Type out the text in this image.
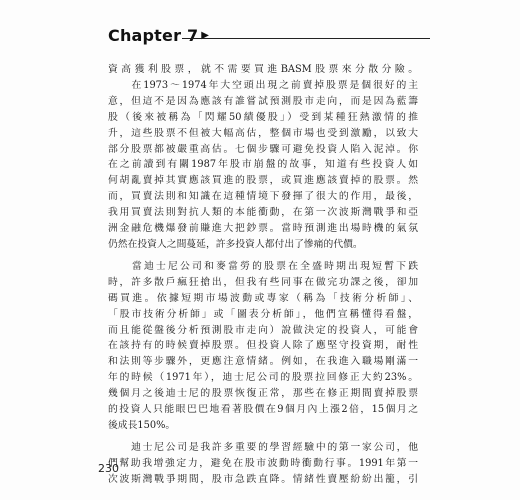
Chapter 7 ▶
資高獲利股票，就不需要買進BASM股票來分散分險。
　　在1973～1974年大空頭出現之前賣掉股票是個很好的主
意，但這不是因為應該有誰嘗試預測股市走向，而是因為藍籌
股（後來被稱為「閃耀50績優股」）受到某種狂熱激情的推
升，這些股票不但被大幅高估，整個市場也受到激勵，以致大
部分股票都被嚴重高估。七個步驟可避免投資人陷入泥淖。你
在之前讀到有關1987年股市崩盤的故事，知道有些投資人如
何胡亂賣掉其實應該買進的股票，或買進應該賣掉的股票。然
而，買賣法則和知識在這種情境下發揮了很大的作用，最後，
我用買賣法則對抗人類的本能衝動，在第一次波斯灣戰爭和亞
洲金融危機爆發前賺進大把鈔票。當時預測進出場時機的氣氛
仍然在投資人之間蔓延，許多投資人都付出了慘痛的代價。
　　當迪士尼公司和麥當勞的股票在全盛時期出現短暫下跌
時，許多散戶瘋狂搶出，但我有些同事在做完功課之後，卻加
碼買進。依據短期市場波動或專家（稱為「技術分析師」、
「股市技術分析師」或「圖表分析師」，他們宣稱懂得看盤，
而且能從盤後分析預測股市走向）說做決定的投資人，可能會
在該持有的時候賣掉股票。但投資人除了應堅守投資期，耐性
和法則等步驟外，更應注意情緒。例如，在我進入職場剛滿一
年的時候（1971年），迪士尼公司的股票拉回修正大約23%。
幾個月之後迪士尼的股票恢復正常，那些在修正期間賣掉股票
的投資人只能眼巴巴地看著股價在9個月內上漲2倍，15個月之
後成長150%。
　　迪士尼公司是我許多重要的學習經驗中的第一家公司，他
們幫助我增強定力，避免在股市波動時衝動行事。1991年第一
次波斯灣戰爭期間，股市急跌直降。情緒性賣壓紛紛出籠，引
230
